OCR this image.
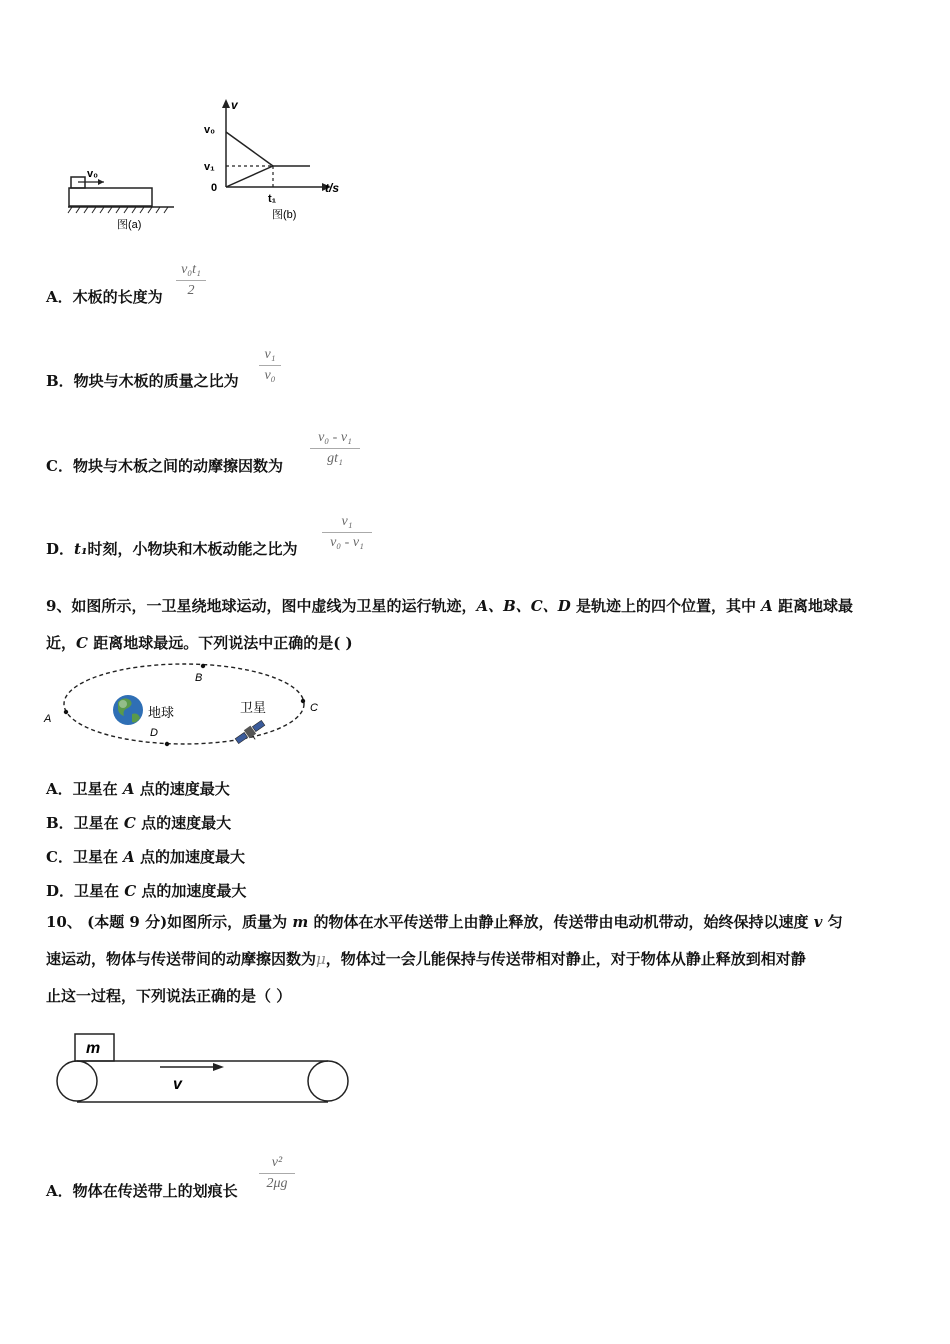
v₀
图(a)
v
t/s
v₀
v₁
0
t₁
图(b)
A．木板的长度为
v₀t₁
2
B．物块与木板的质量之比为
v₁
v₀
C．物块与木板之间的动摩擦因数为
v₀ - v₁
gt₁
D．t₁时刻，小物块和木板动能之比为
v₁
v₀ - v₁
9、如图所示，一卫星绕地球运动，图中虚线为卫星的运行轨迹，A、B、C、D 是轨迹上的四个位置，其中 A 距离地球最
近，C 距离地球最远。下列说法中正确的是( )
A
B
C
D
地球	卫星
A．卫星在 A 点的速度最大
B．卫星在 C 点的速度最大
C．卫星在 A 点的加速度最大
D．卫星在 C 点的加速度最大
10、 (本题 9 分)如图所示，质量为 m 的物体在水平传送带上由静止释放，传送带由电动机带动，始终保持以速度 v 匀
速运动，物体与传送带间的动摩擦因数为μ，物体过一会儿能保持与传送带相对静止，对于物体从静止释放到相对静
止这一过程，下列说法正确的是（ ）
m
v
A．物体在传送带上的划痕长
v²
2μg
